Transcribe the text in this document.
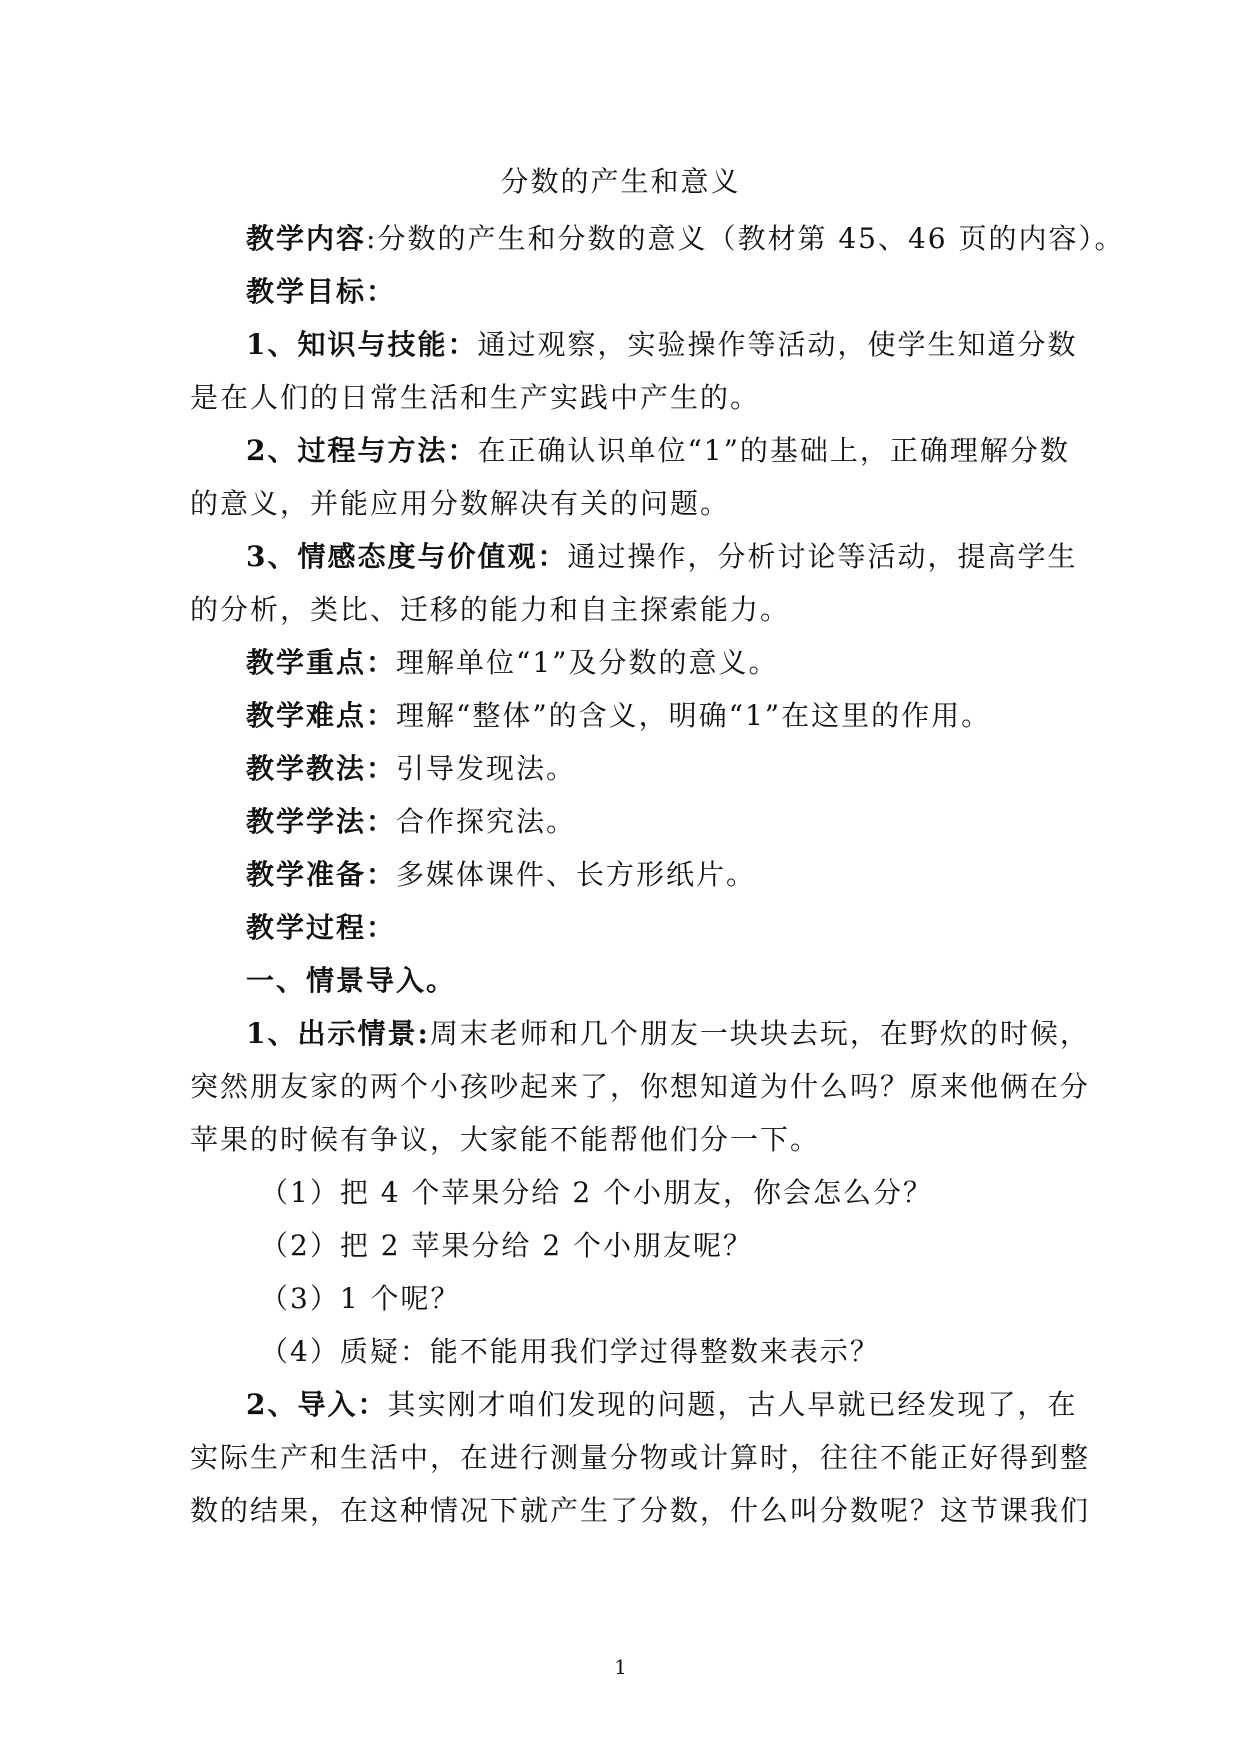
分数的产生和意义

教学内容:分数的产生和分数的意义（教材第 45、46 页的内容）。

教学目标：

1、知识与技能：通过观察，实验操作等活动，使学生知道分数

是在人们的日常生活和生产实践中产生的。

2、过程与方法：在正确认识单位“1”的基础上，正确理解分数

的意义，并能应用分数解决有关的问题。

3、情感态度与价值观：通过操作，分析讨论等活动，提高学生

的分析，类比、迁移的能力和自主探索能力。

教学重点：理解单位“1”及分数的意义。

教学难点：理解“整体”的含义，明确“1”在这里的作用。

教学教法：引导发现法。

教学学法：合作探究法。

教学准备：多媒体课件、长方形纸片。

教学过程：

一、情景导入。

1、出示情景:周末老师和几个朋友一块块去玩，在野炊的时候，

突然朋友家的两个小孩吵起来了，你想知道为什么吗？原来他俩在分

苹果的时候有争议，大家能不能帮他们分一下。

（1）把 4 个苹果分给 2 个小朋友，你会怎么分？

（2）把 2 苹果分给 2 个小朋友呢？

（3）1 个呢？

（4）质疑：能不能用我们学过得整数来表示？

2、导入：其实刚才咱们发现的问题，古人早就已经发现了，在

实际生产和生活中，在进行测量分物或计算时，往往不能正好得到整

数的结果，在这种情况下就产生了分数，什么叫分数呢？这节课我们

1
